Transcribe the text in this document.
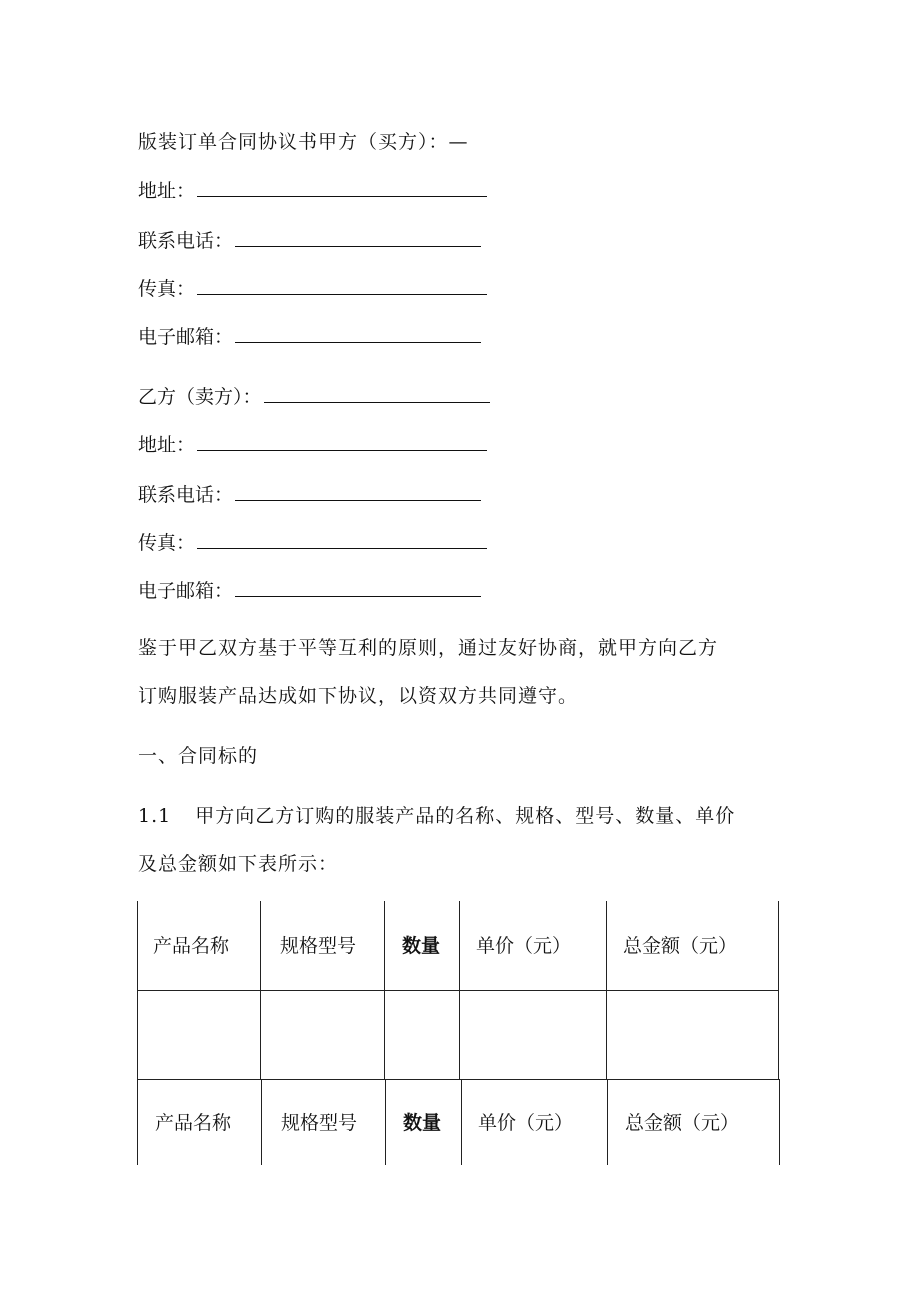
版装订单合同协议书甲方（买方）：—
地址：
联系电话：
传真：
电子邮箱：
乙方（卖方）：
地址：
联系电话：
传真：
电子邮箱：
鉴于甲乙双方基于平等互利的原则，通过友好协商，就甲方向乙方
订购服装产品达成如下协议，以资双方共同遵守。
一、合同标的
1.1 甲方向乙方订购的服装产品的名称、规格、型号、数量、单价
及总金额如下表所示：
产品名称	规格型号 数量 单价（元）	总金额（元）
产品名称	规格型号 数量 单价（元）	总金额（元）
